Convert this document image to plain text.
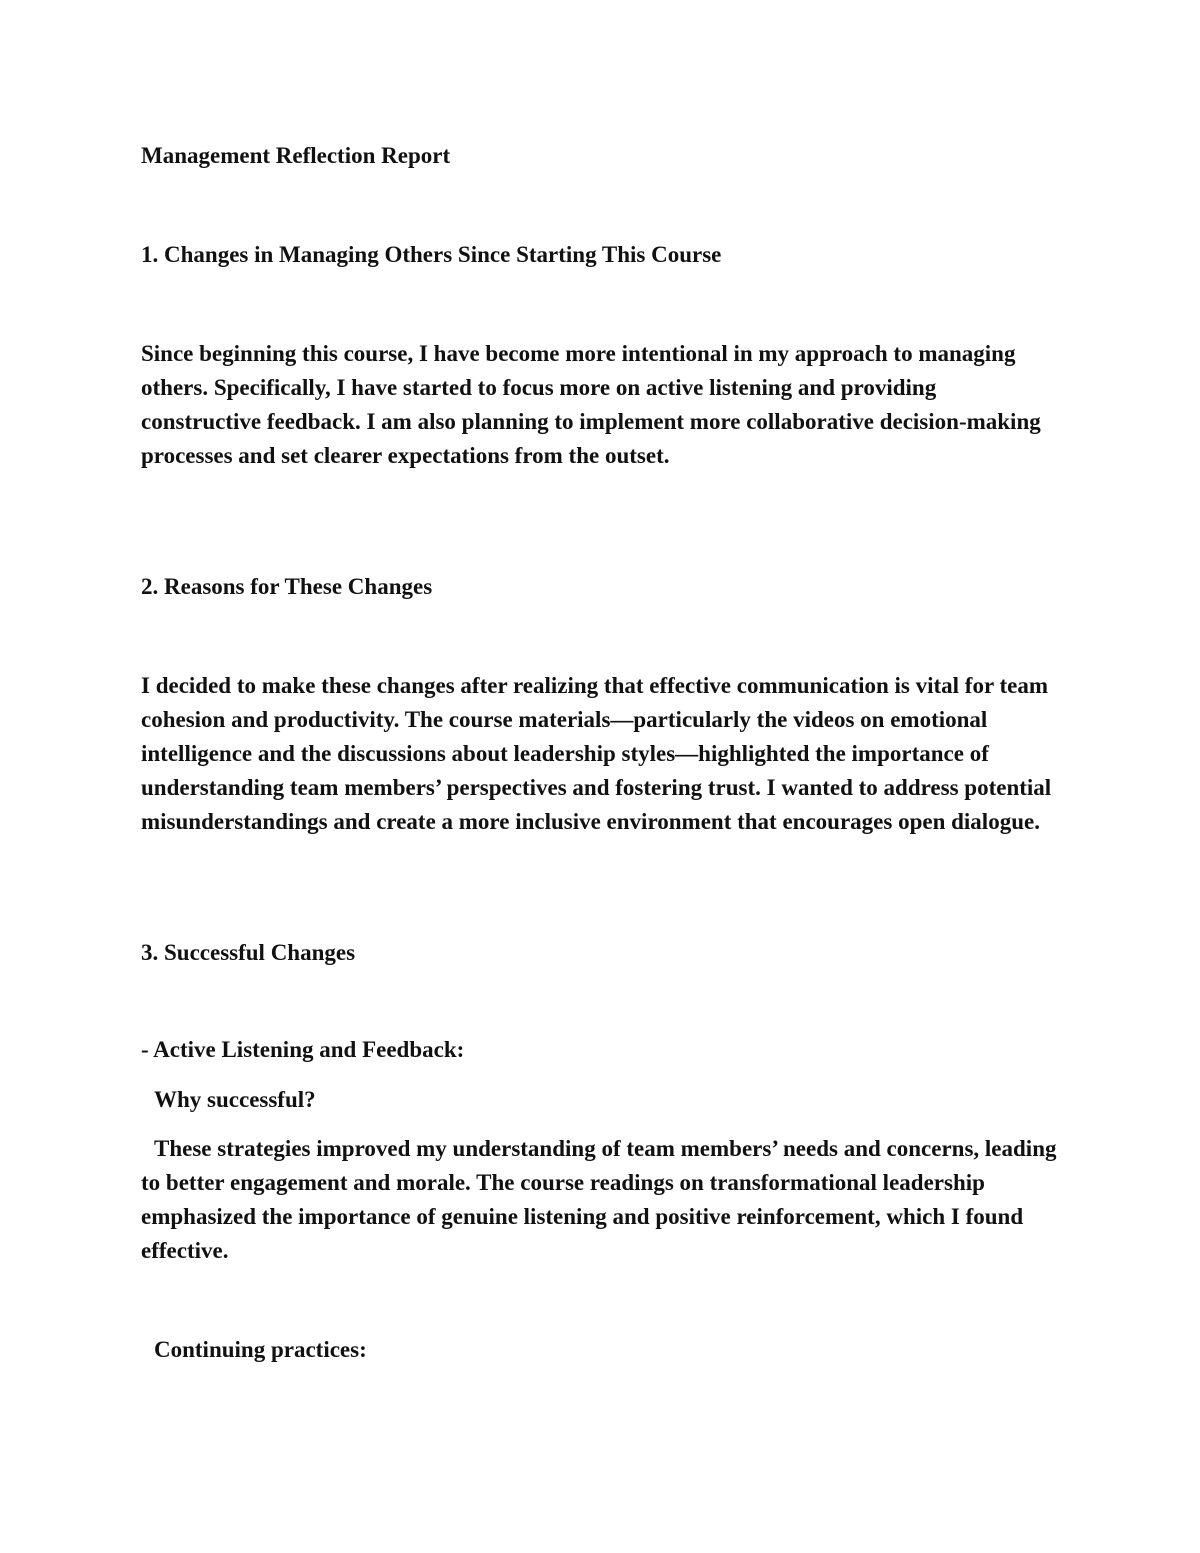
Management Reflection Report
1. Changes in Managing Others Since Starting This Course
Since beginning this course, I have become more intentional in my approach to managing others. Specifically, I have started to focus more on active listening and providing constructive feedback. I am also planning to implement more collaborative decision-making processes and set clearer expectations from the outset.
2. Reasons for These Changes
I decided to make these changes after realizing that effective communication is vital for team cohesion and productivity. The course materials—particularly the videos on emotional intelligence and the discussions about leadership styles—highlighted the importance of understanding team members’ perspectives and fostering trust. I wanted to address potential misunderstandings and create a more inclusive environment that encourages open dialogue.
3. Successful Changes
- Active Listening and Feedback:
Why successful?
These strategies improved my understanding of team members’ needs and concerns, leading to better engagement and morale. The course readings on transformational leadership emphasized the importance of genuine listening and positive reinforcement, which I found effective.
Continuing practices:
